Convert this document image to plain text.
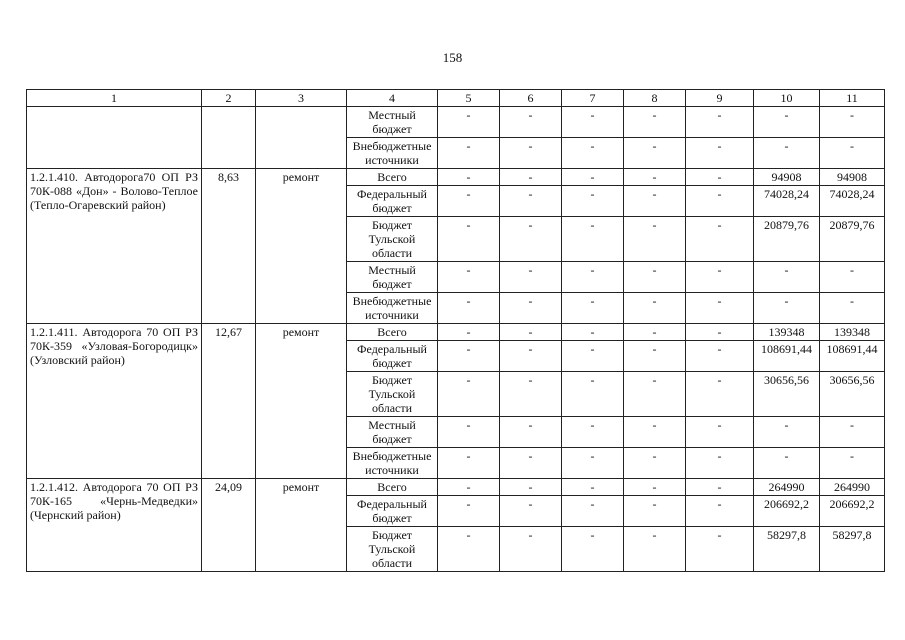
158
1	2	3	4	5	6	7	8	9	10	11
			Местный бюджет	-	-	-	-	-	-	-
			Внебюджетные источники	-	-	-	-	-	-	-
1.2.1.410. Автодорога70 ОП РЗ 70К-088 «Дон» - Волово-Теплое (Тепло-Огаревский район)	8,63	ремонт	Всего	-	-	-	-	-	94908	94908
			Федеральный бюджет	-	-	-	-	-	74028,24	74028,24
			Бюджет Тульской области	-	-	-	-	-	20879,76	20879,76
			Местный бюджет	-	-	-	-	-	-	-
			Внебюджетные источники	-	-	-	-	-	-	-
1.2.1.411. Автодорога 70 ОП РЗ 70К-359 «Узловая-Богородицк» (Узловский район)	12,67	ремонт	Всего	-	-	-	-	-	139348	139348
			Федеральный бюджет	-	-	-	-	-	108691,44	108691,44
			Бюджет Тульской области	-	-	-	-	-	30656,56	30656,56
			Местный бюджет	-	-	-	-	-	-	-
			Внебюджетные источники	-	-	-	-	-	-	-
1.2.1.412. Автодорога 70 ОП РЗ 70К-165 «Чернь-Медведки» (Чернский район)	24,09	ремонт	Всего	-	-	-	-	-	264990	264990
			Федеральный бюджет	-	-	-	-	-	206692,2	206692,2
			Бюджет Тульской области	-	-	-	-	-	58297,8	58297,8
